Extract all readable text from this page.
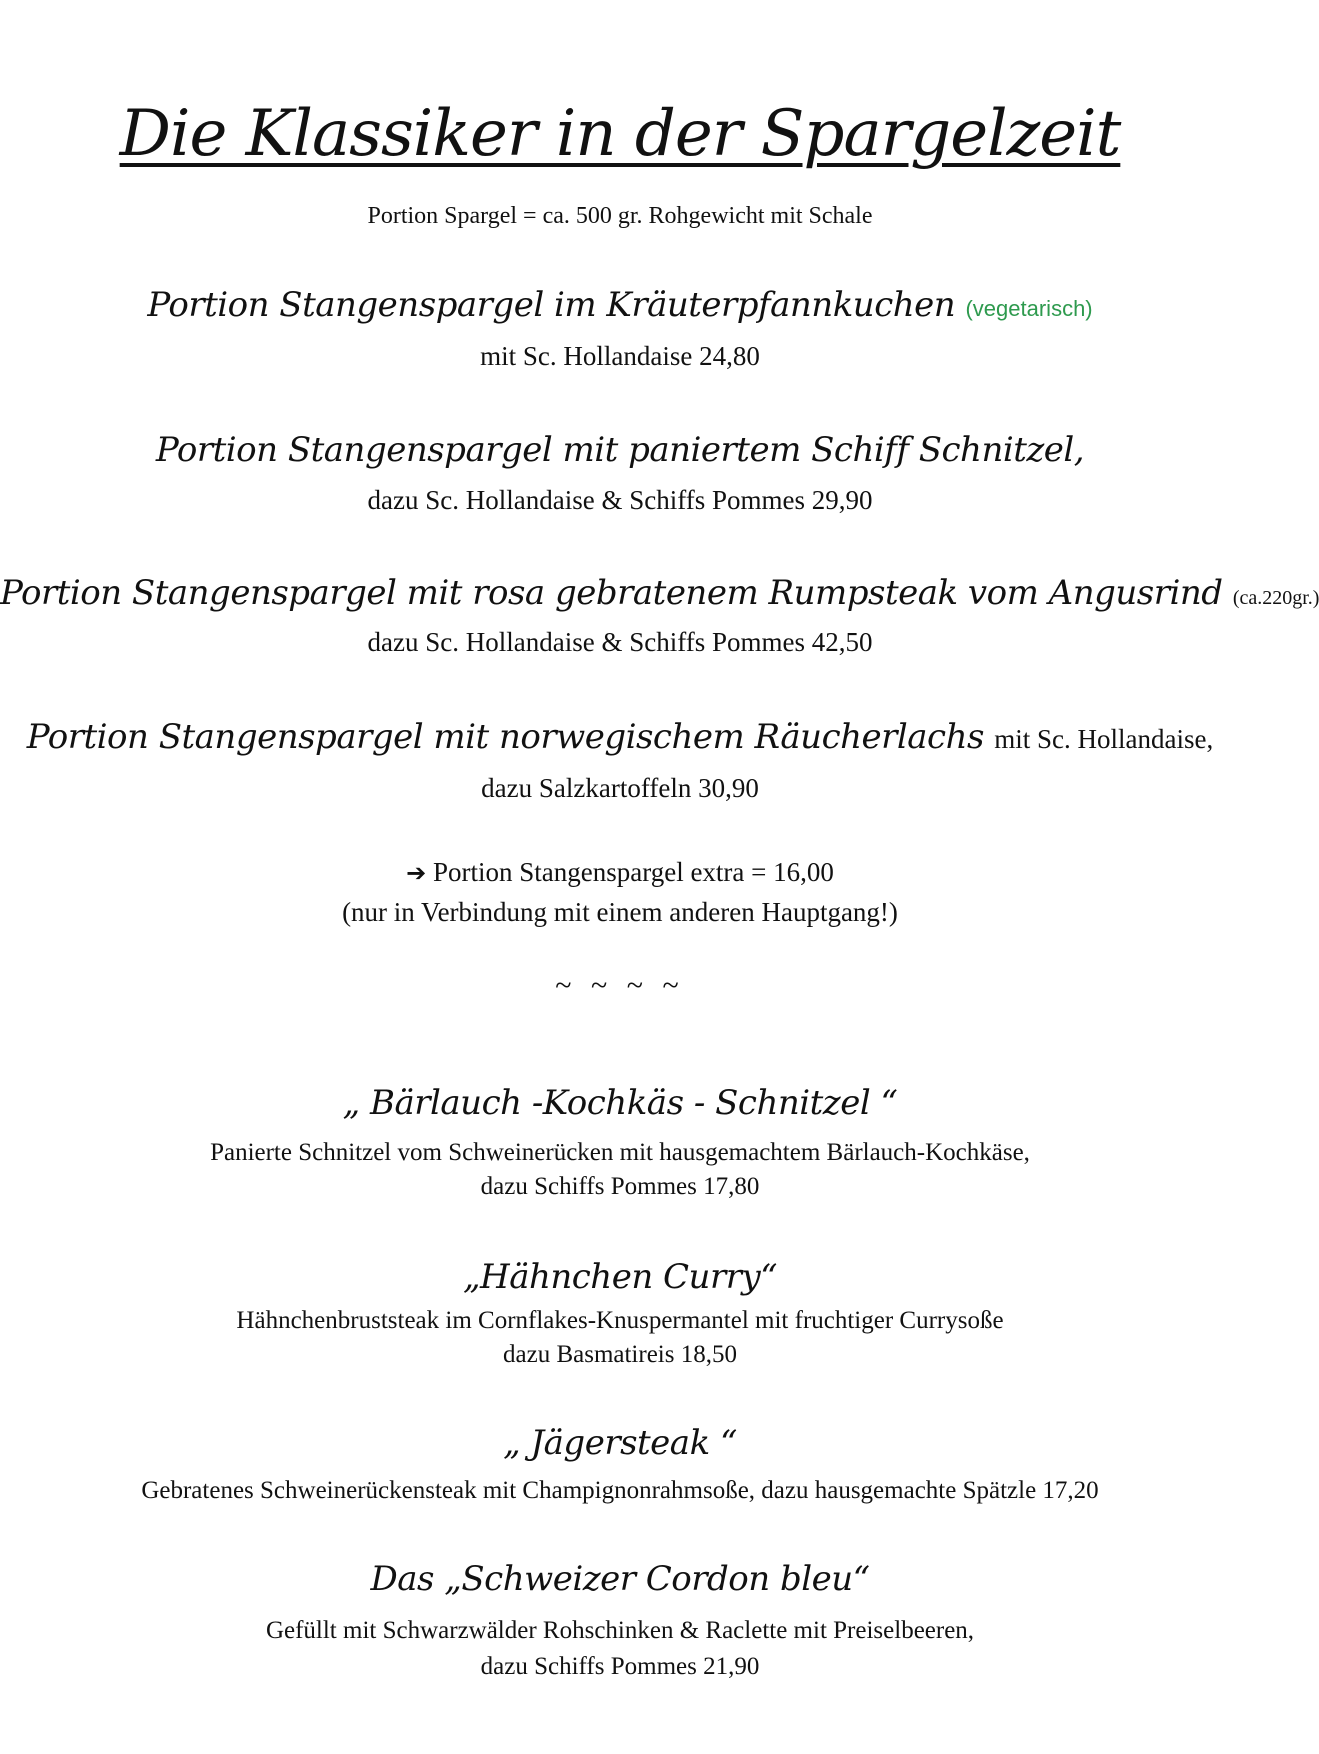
Die Klassiker in der Spargelzeit
Portion Spargel = ca. 500 gr. Rohgewicht mit Schale
Portion Stangenspargel im Kräuterpfannkuchen (vegetarisch)
mit Sc. Hollandaise 24,80
Portion Stangenspargel mit paniertem Schiff Schnitzel,
dazu Sc. Hollandaise & Schiffs Pommes 29,90
Portion Stangenspargel mit rosa gebratenem Rumpsteak vom Angusrind (ca.220gr.)
dazu Sc. Hollandaise & Schiffs Pommes 42,50
Portion Stangenspargel mit norwegischem Räucherlachs mit Sc. Hollandaise,
dazu Salzkartoffeln 30,90
➔ Portion Stangenspargel extra = 16,00
(nur in Verbindung mit einem anderen Hauptgang!)
~ ~ ~ ~
„ Bärlauch -Kochkäs - Schnitzel “
Panierte Schnitzel vom Schweinerücken mit hausgemachtem Bärlauch-Kochkäse,
dazu Schiffs Pommes 17,80
„Hähnchen Curry“
Hähnchenbruststeak im Cornflakes-Knuspermantel mit fruchtiger Currysoße
dazu Basmatireis 18,50
„ Jägersteak “
Gebratenes Schweinerückensteak mit Champignonrahmsoße, dazu hausgemachte Spätzle 17,20
Das „Schweizer Cordon bleu“
Gefüllt mit Schwarzwälder Rohschinken & Raclette mit Preiselbeeren,
dazu Schiffs Pommes 21,90
